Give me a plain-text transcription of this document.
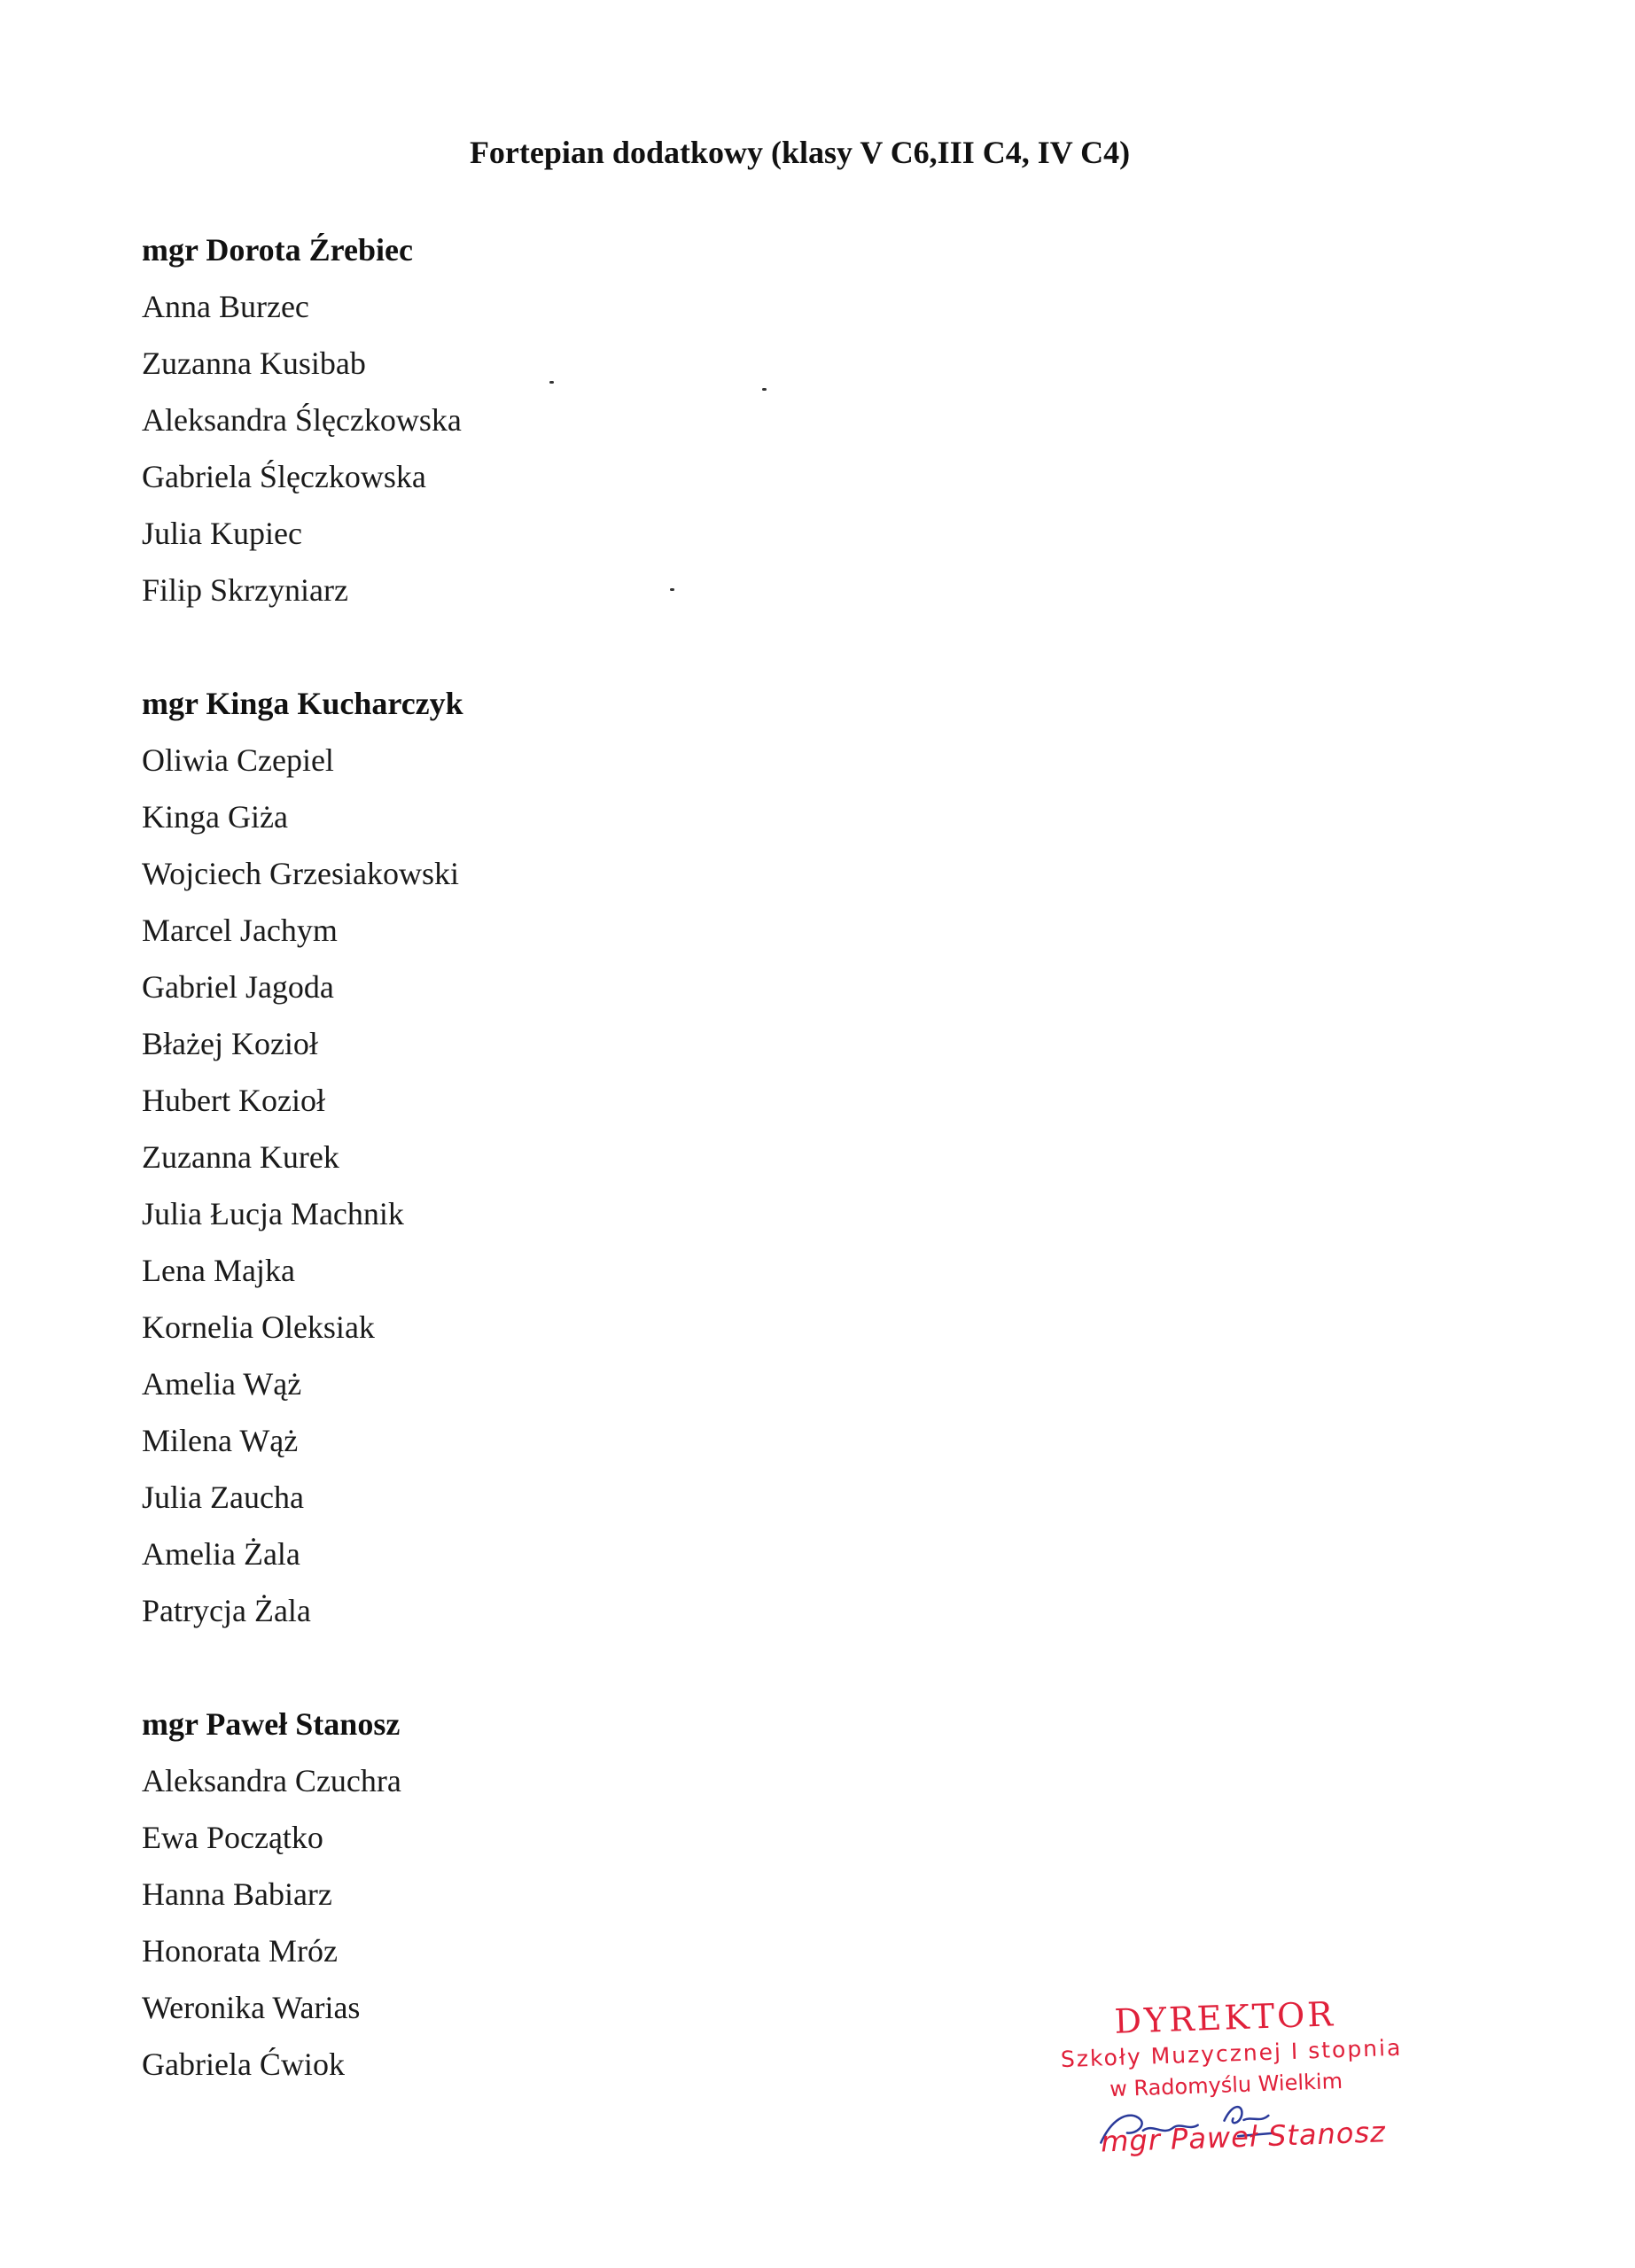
Fortepian dodatkowy (klasy V C6,III C4, IV C4)
mgr Dorota Źrebiec
Anna Burzec
Zuzanna Kusibab
Aleksandra Ślęczkowska
Gabriela Ślęczkowska
Julia Kupiec
Filip Skrzyniarz
mgr Kinga Kucharczyk
Oliwia Czepiel
Kinga Giża
Wojciech Grzesiakowski
Marcel Jachym
Gabriel Jagoda
Błażej Kozioł
Hubert Kozioł
Zuzanna Kurek
Julia Łucja Machnik
Lena Majka
Kornelia Oleksiak
Amelia Wąż
Milena Wąż
Julia Zaucha
Amelia Żala
Patrycja Żala
mgr Paweł Stanosz
Aleksandra Czuchra
Ewa Początko
Hanna Babiarz
Honorata Mróz
Weronika Warias
Gabriela Ćwiok
DYREKTOR
Szkoły Muzycznej I stopnia
w Radomyślu Wielkim
mgr Paweł Stanosz
